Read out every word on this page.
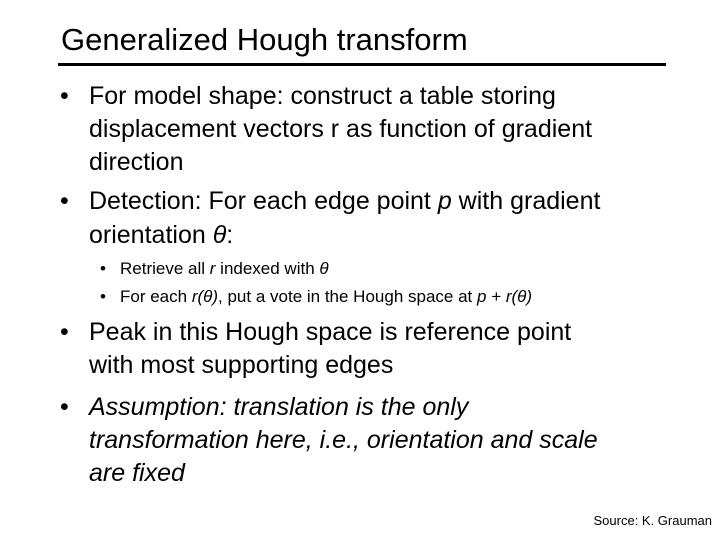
Generalized Hough transform
• For model shape: construct a table storing
displacement vectors r as function of gradient
direction
• Detection: For each edge point p with gradient
orientation θ:
• Retrieve all r indexed with θ
• For each r(θ), put a vote in the Hough space at p + r(θ)
• Peak in this Hough space is reference point
with most supporting edges
• Assumption: translation is the only
transformation here, i.e., orientation and scale
are fixed
Source: K. Grauman
